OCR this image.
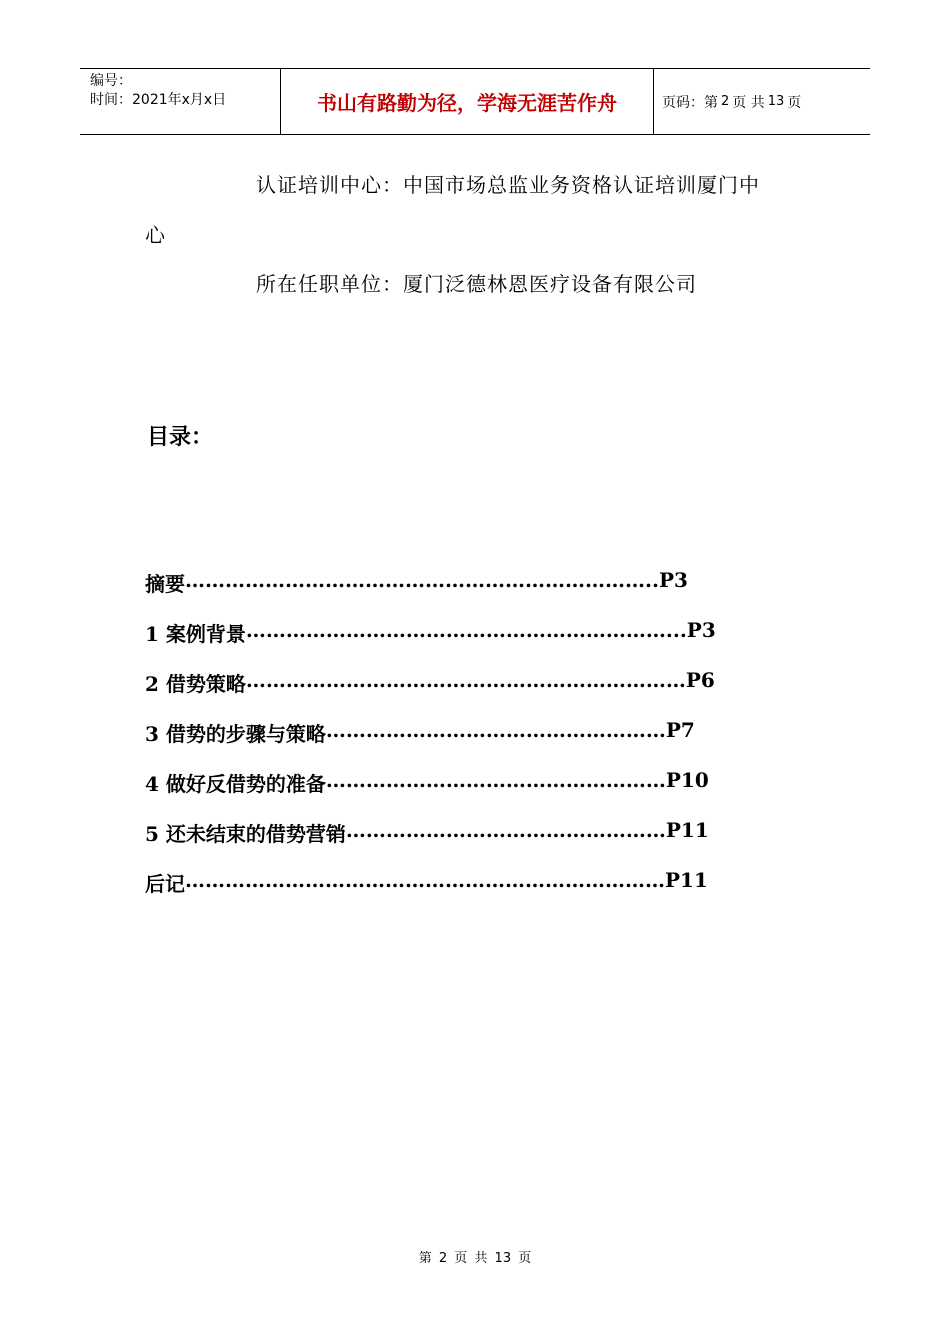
编号：
时间：2021年x月x日	书山有路勤为径，学海无涯苦作舟	页码：第 2 页 共 13 页
认证培训中心：中国市场总监业务资格认证培训厦门中
心
所在任职单位：厦门泛德林恩医疗设备有限公司
目录：
摘要 …………………………………………………………….. P3
1 案例背景 ………………………………………………………... P3
2 借势策略 ………………………………………………………… P6
3 借势的步骤与策略 …………………………………………… P7
4 做好反借势的准备 …………………………………………… P10
5 还未结束的借势营销 ………………………………………… P11
后记 ……………………………………………………………… P11
第 2 页 共 13 页
